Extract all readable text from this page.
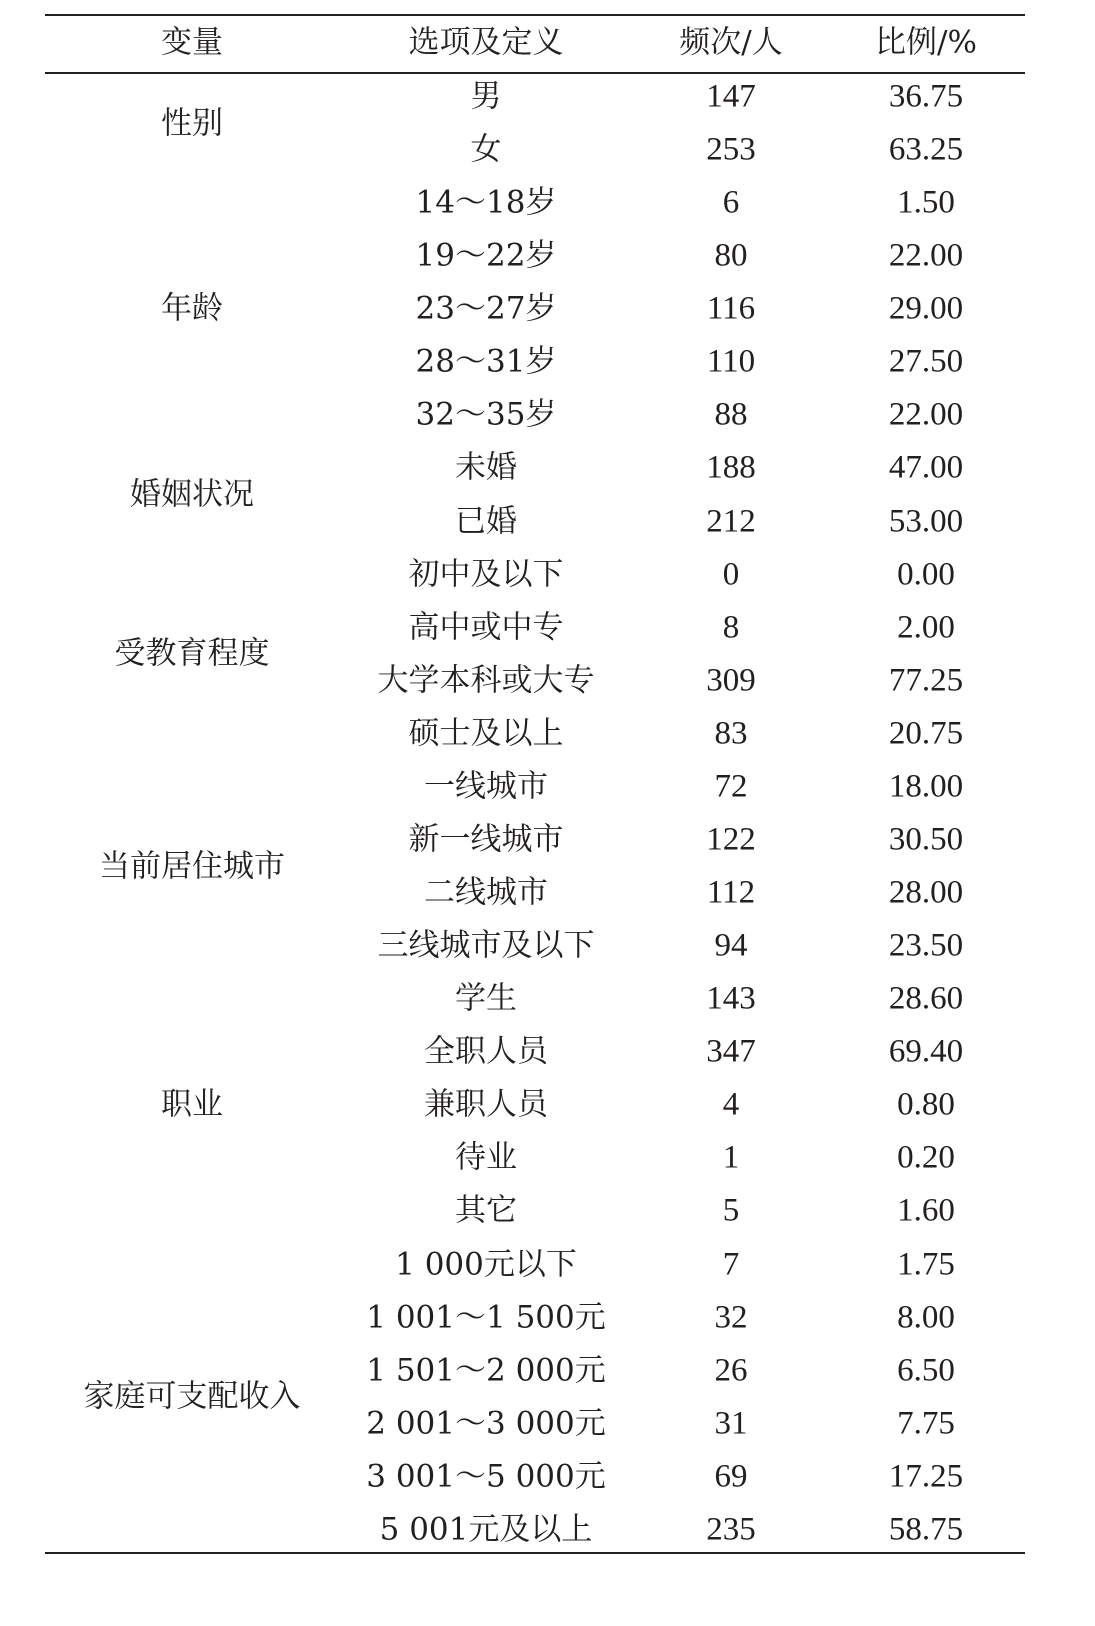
变量	选项及定义	频次/人	比例/%
性别
男	147	36.75
女	253	63.25
年龄
14～18岁	6	1.50
19～22岁	80	22.00
23～27岁	116	29.00
28～31岁	110	27.50
32～35岁	88	22.00
婚姻状况
未婚	188	47.00
已婚	212	53.00
受教育程度
初中及以下	0	0.00
高中或中专	8	2.00
大学本科或大专	309	77.25
硕士及以上	83	20.75
当前居住城市
一线城市	72	18.00
新一线城市	122	30.50
二线城市	112	28.00
三线城市及以下	94	23.50
职业
学生	143	28.60
全职人员	347	69.40
兼职人员	4	0.80
待业	1	0.20
其它	5	1.60
家庭可支配收入
1 000元以下	7	1.75
1 001～1 500元	32	8.00
1 501～2 000元	26	6.50
2 001～3 000元	31	7.75
3 001～5 000元	69	17.25
5 001元及以上	235	58.75
